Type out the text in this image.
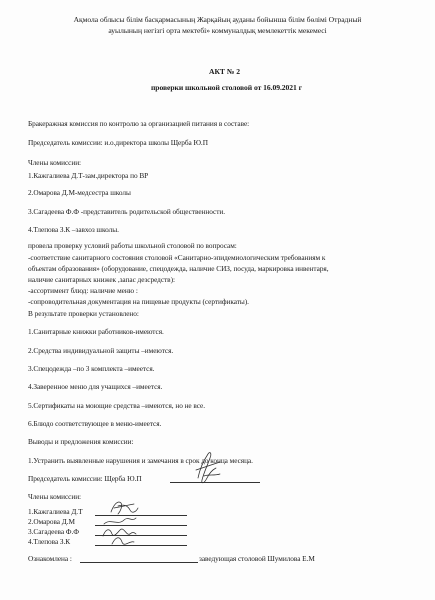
Ақмола облысы білім басқармасының Жарқайың ауданы бойынша білім бөлімі Отрадный
ауылының негізгі орта мектебі» коммуналдық мемлекеттік мекемесі
АКТ № 2
проверки школьной столовой от 16.09.2021 г
Бракеражная комиссия по контролю за организацией питания в составе:
Председатель комиссии: и.о.директора школы Щерба Ю.П
Члены комиссии:
1.Кажгалиева Д.Т-зам.директора по ВР
2.Омарова Д.М-медсестра школы
3.Сагадеева Ф.Ф -представитель родительской общественности.
4.Тлепова З.К –завхоз школы.
провела проверку условий работы школьной столовой по вопросам:
-соответствие санитарного состояния столовой «Санитарно-эпидемиологическим требованиям к
объектам образования» (оборудование, спецодежда, наличие СИЗ, посуда, маркировка инвентаря,
наличие санитарных книжек ,запас дезсредств):
-ассортимент блюд: наличие меню :
-сопроводительная документация на пищевые продукты (сертификаты).
В результате проверки установлено:
1.Санитарные книжки работников-имеются.
2.Средства индивидуальной защиты –имеются.
3.Спецодежда –по 3 комплекта –имеется.
4.Заверенное меню для учащихся –имеется.
5.Сертификаты на моющие средства –имеются, но не все.
6.Блюдо соответствующее в меню-имеется.
Выводы и предложения комиссии:
1.Устранить выявленные нарушения и замечания в срок до конца месяца.
Председатель комиссии: Щерба Ю.П
Члены комиссии:
1.Кажгалиева Д.Т
2.Омарова Д.М
3.Сагадеева Ф.Ф
4.Тлепова З.К
Ознакомлена :	заведующая столовой Шумилова Е.М
